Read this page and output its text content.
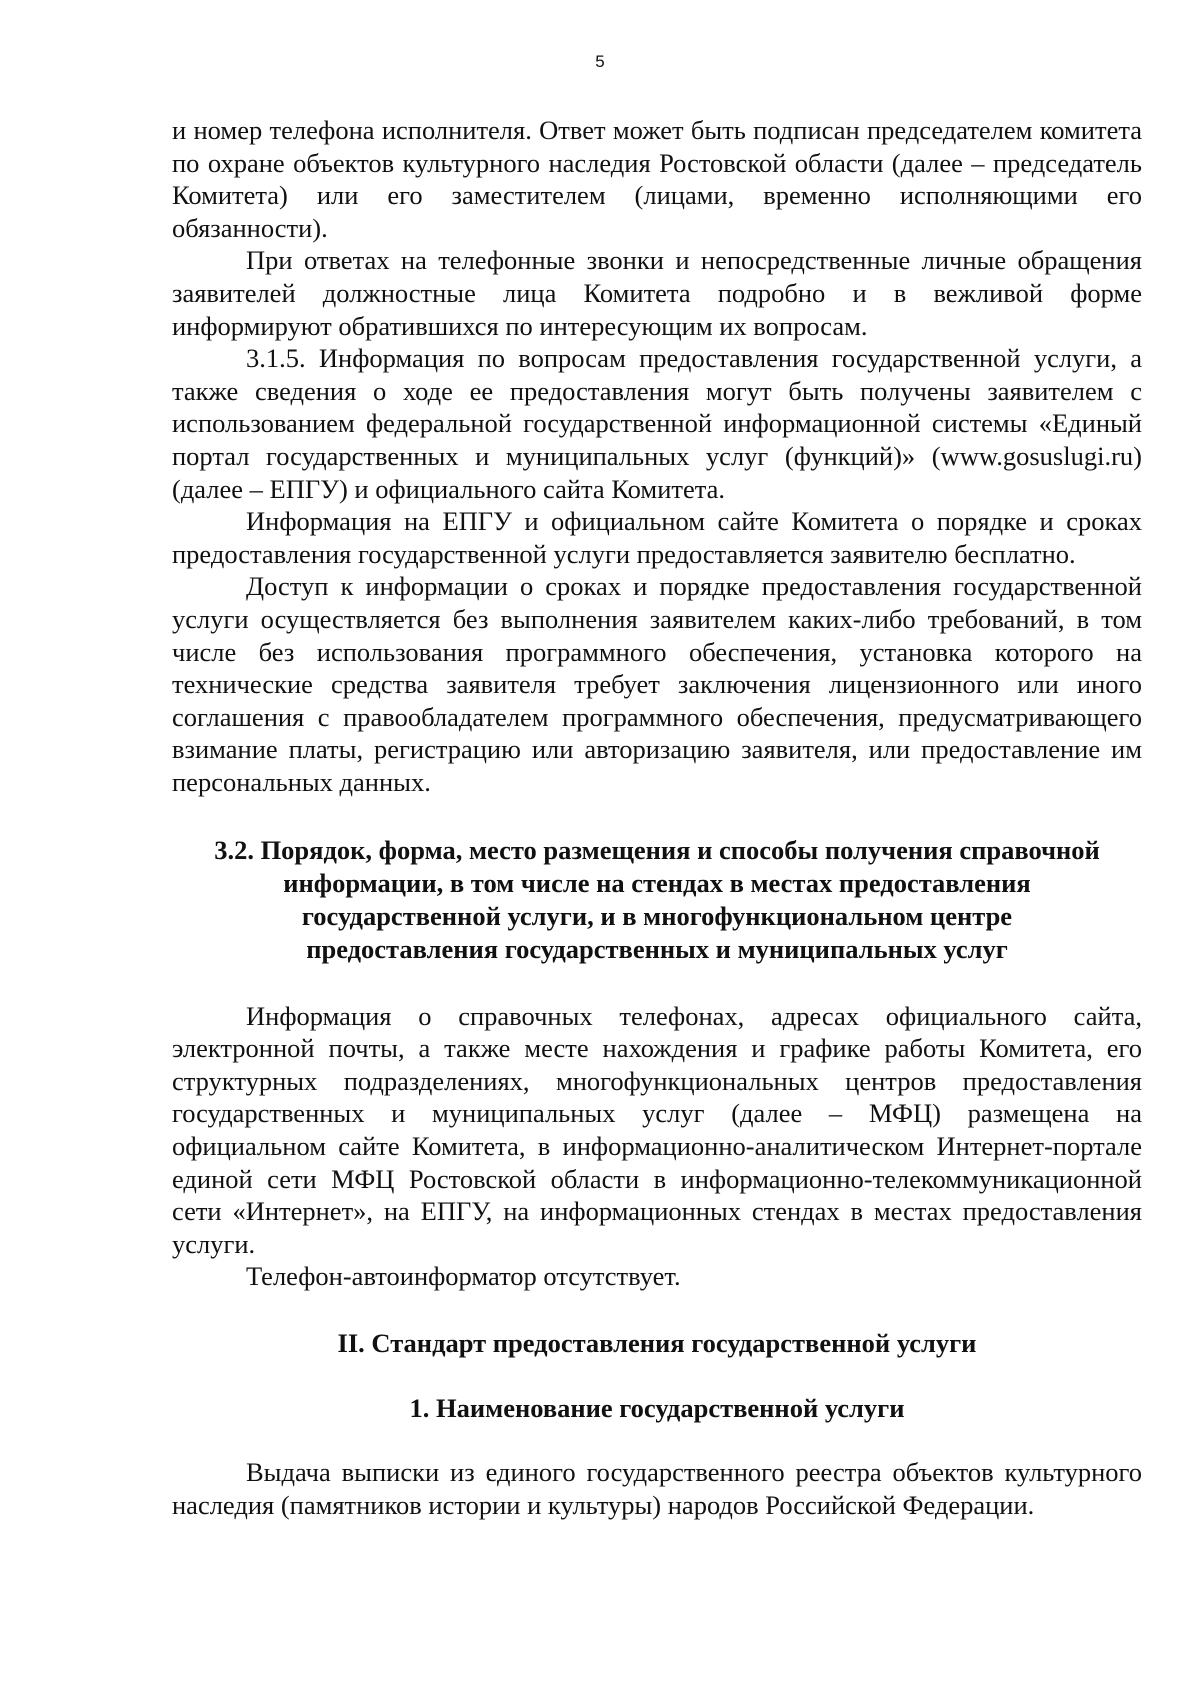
5

и номер телефона исполнителя. Ответ может быть подписан председателем комитета по охране объектов культурного наследия Ростовской области (далее – председатель Комитета) или его заместителем (лицами, временно исполняющими его обязанности).

При ответах на телефонные звонки и непосредственные личные обращения заявителей должностные лица Комитета подробно и в вежливой форме информируют обратившихся по интересующим их вопросам.

3.1.5. Информация по вопросам предоставления государственной услуги, а также сведения о ходе ее предоставления могут быть получены заявителем с использованием федеральной государственной информационной системы «Единый портал государственных и муниципальных услуг (функций)» (www.gosuslugi.ru) (далее – ЕПГУ) и официального сайта Комитета.

Информация на ЕПГУ и официальном сайте Комитета о порядке и сроках предоставления государственной услуги предоставляется заявителю бесплатно.

Доступ к информации о сроках и порядке предоставления государственной услуги осуществляется без выполнения заявителем каких-либо требований, в том числе без использования программного обеспечения, установка которого на технические средства заявителя требует заключения лицензионного или иного соглашения с правообладателем программного обеспечения, предусматривающего взимание платы, регистрацию или авторизацию заявителя, или предоставление им персональных данных.

3.2. Порядок, форма, место размещения и способы получения справочной
информации, в том числе на стендах в местах предоставления
государственной услуги, и в многофункциональном центре
предоставления государственных и муниципальных услуг

Информация о справочных телефонах, адресах официального сайта, электронной почты, а также месте нахождения и графике работы Комитета, его структурных подразделениях, многофункциональных центров предоставления государственных и муниципальных услуг (далее – МФЦ) размещена на официальном сайте Комитета, в информационно-аналитическом Интернет-портале единой сети МФЦ Ростовской области в информационно-телекоммуникационной сети «Интернет», на ЕПГУ, на информационных стендах в местах предоставления услуги.

Телефон-автоинформатор отсутствует.

II. Стандарт предоставления государственной услуги
1. Наименование государственной услуги

Выдача выписки из единого государственного реестра объектов культурного наследия (памятников истории и культуры) народов Российской Федерации.
